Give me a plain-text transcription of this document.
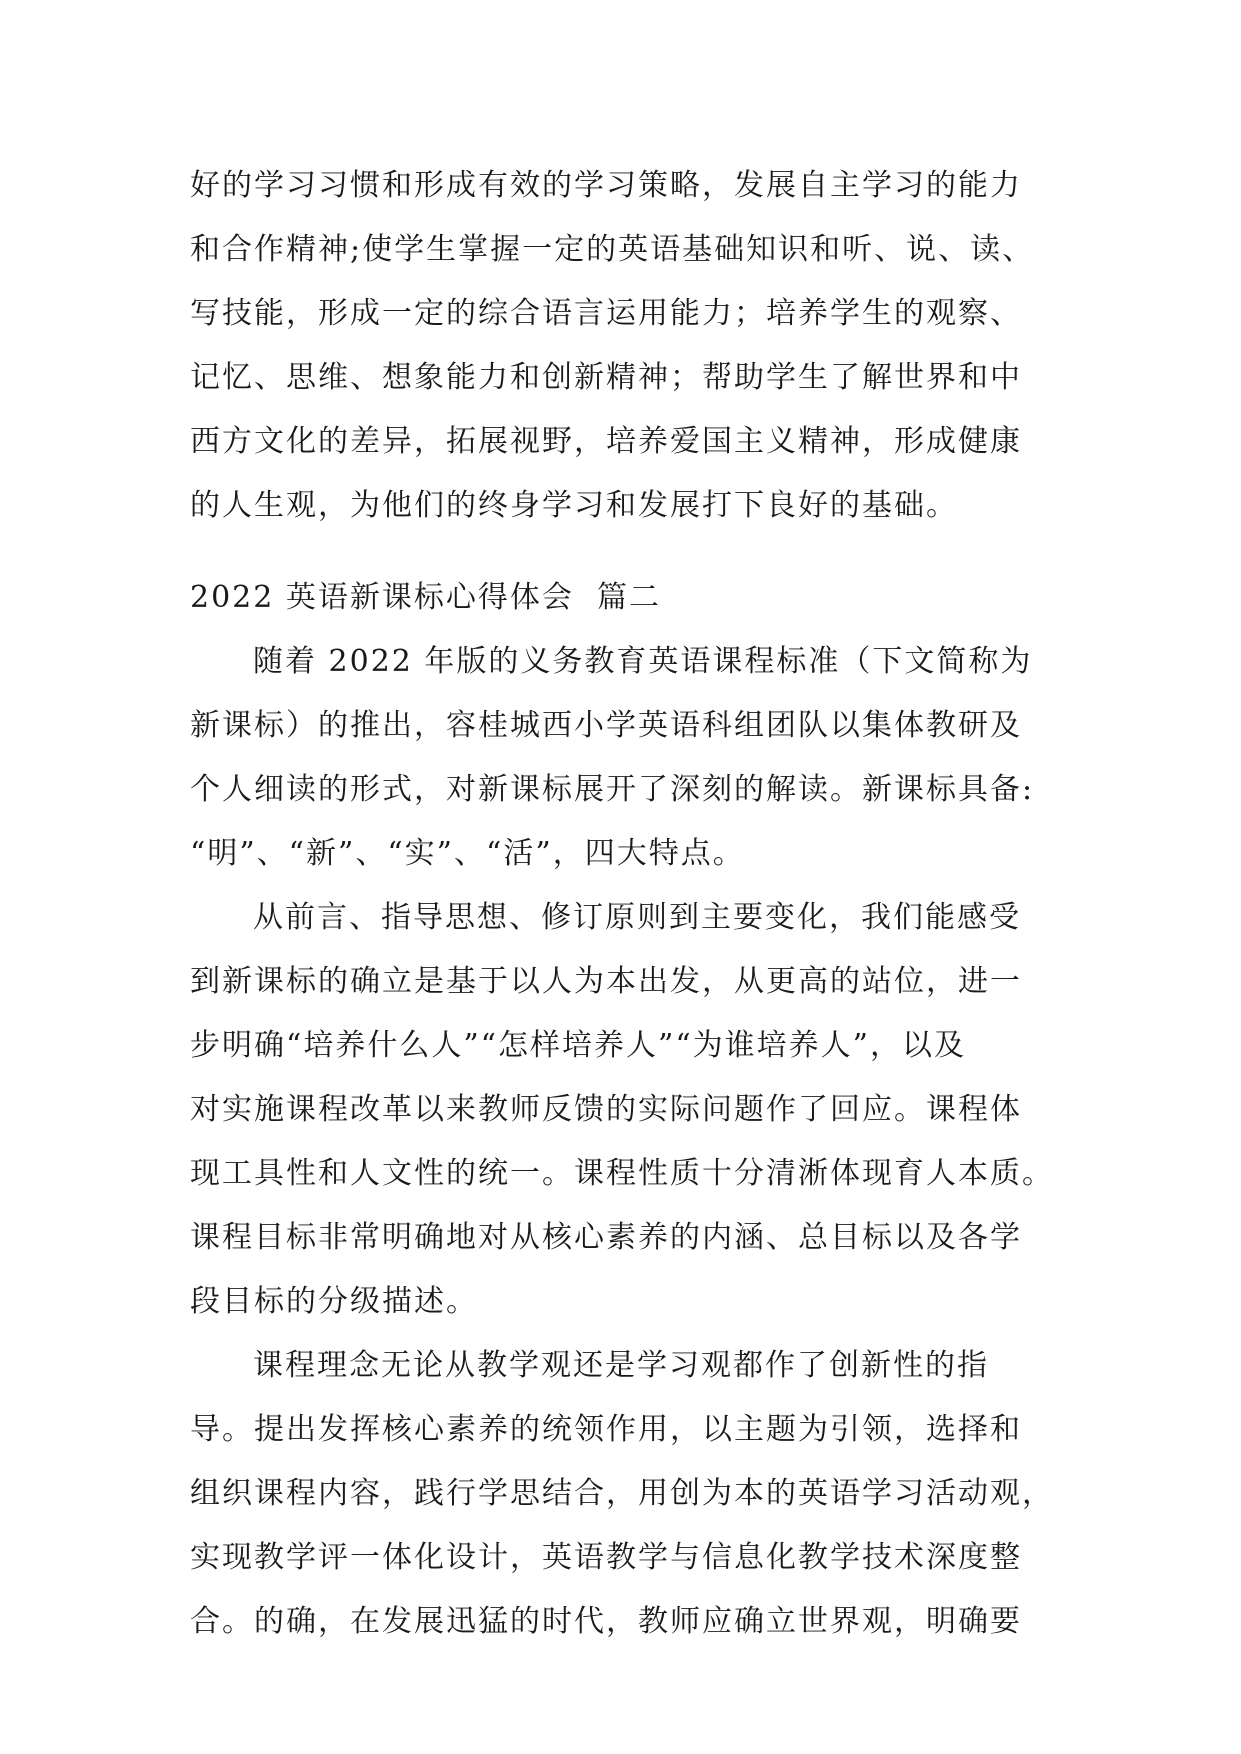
好的学习习惯和形成有效的学习策略，发展自主学习的能力
和合作精神;使学生掌握一定的英语基础知识和听、说、读、
写技能，形成一定的综合语言运用能力；培养学生的观察、
记忆、思维、想象能力和创新精神；帮助学生了解世界和中
西方文化的差异，拓展视野，培养爱国主义精神，形成健康
的人生观，为他们的终身学习和发展打下良好的基础。
2022 英语新课标心得体会  篇二
随着 2022 年版的义务教育英语课程标准（下文简称为
新课标）的推出，容桂城西小学英语科组团队以集体教研及
个人细读的形式，对新课标展开了深刻的解读。新课标具备:
“明”、“新”、“实”、“活”，四大特点。
从前言、指导思想、修订原则到主要变化，我们能感受
到新课标的确立是基于以人为本出发，从更高的站位，进一
步明确“培养什么人”“怎样培养人”“为谁培养人”，以及
对实施课程改革以来教师反馈的实际问题作了回应。课程体
现工具性和人文性的统一。课程性质十分清淅体现育人本质。
课程目标非常明确地对从核心素养的内涵、总目标以及各学
段目标的分级描述。
课程理念无论从教学观还是学习观都作了创新性的指
导。提出发挥核心素养的统领作用，以主题为引领，选择和
组织课程内容，践行学思结合，用创为本的英语学习活动观，
实现教学评一体化设计，英语教学与信息化教学技术深度整
合。的确，在发展迅猛的时代，教师应确立世界观，明确要
